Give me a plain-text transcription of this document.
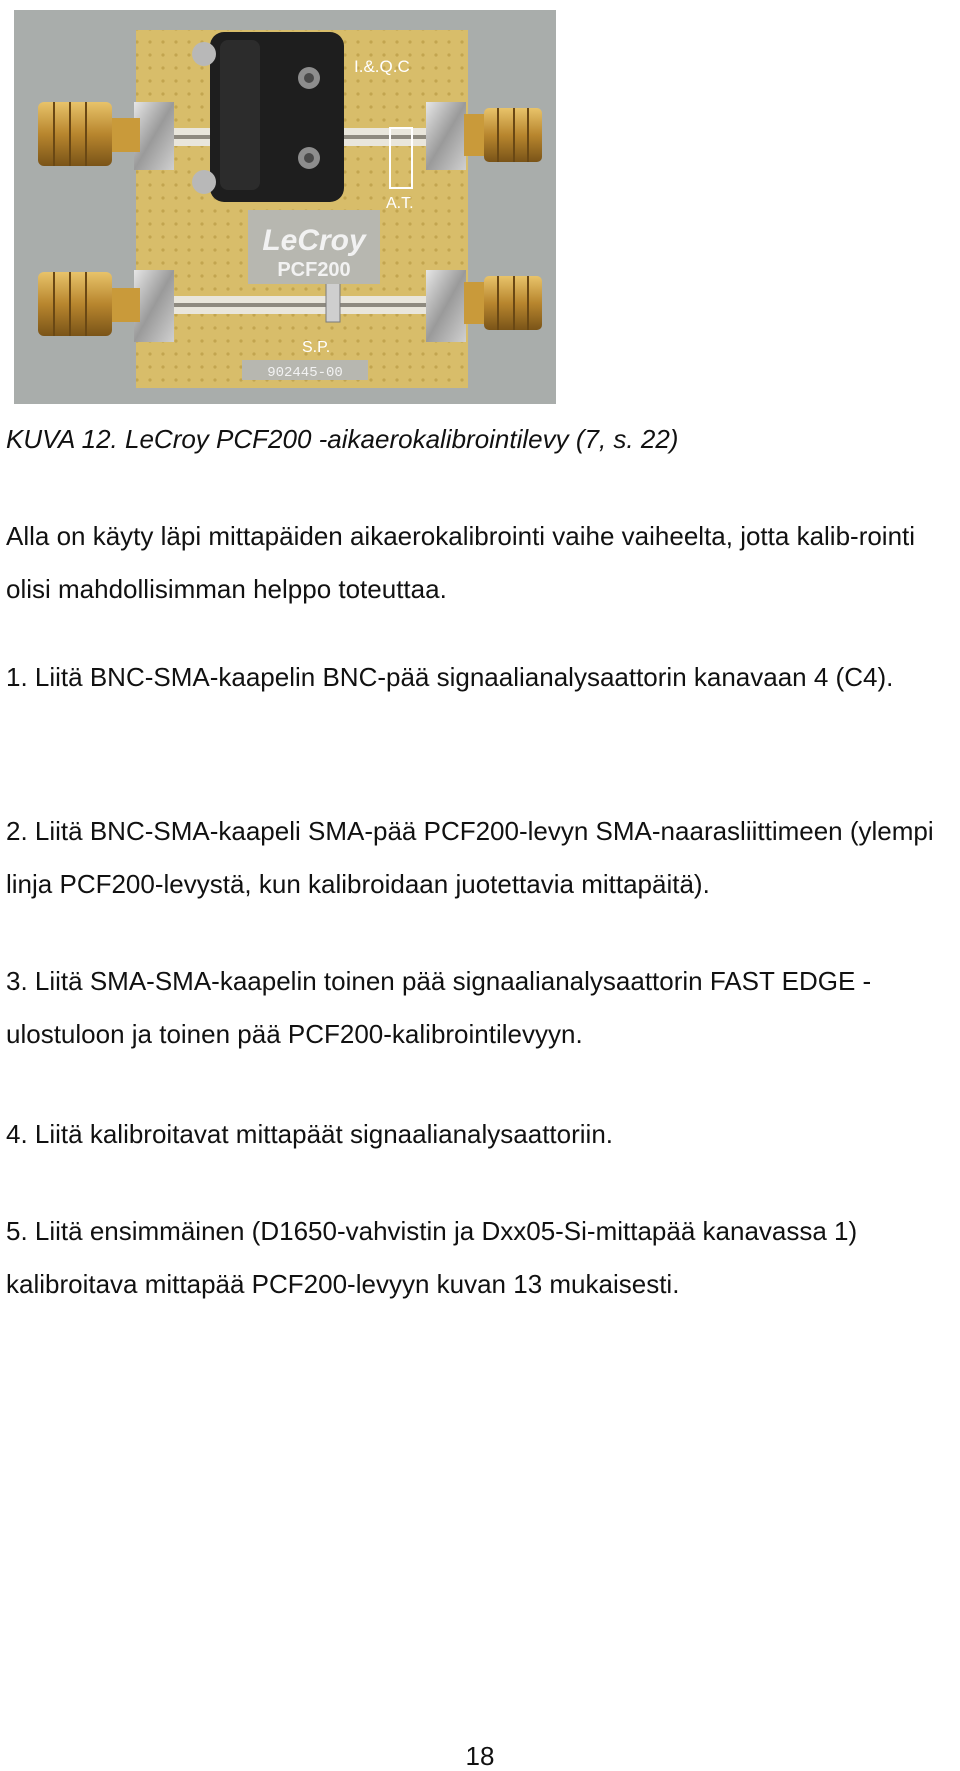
LeCroy
PCF200
I.&.Q.C
A.T.
S.P.
902445-00
KUVA 12. LeCroy PCF200 -aikaerokalibrointilevy (7, s. 22)

Alla on käyty läpi mittapäiden aikaerokalibrointi vaihe vaiheelta, jotta kalib-rointi olisi mahdollisimman helppo toteuttaa.

1. Liitä BNC-SMA-kaapelin BNC-pää signaalianalysaattorin kanavaan 4 (C4).

2. Liitä BNC-SMA-kaapeli SMA-pää PCF200-levyn SMA-naarasliittimeen (ylempi linja PCF200-levystä, kun kalibroidaan juotettavia mittapäitä).

3. Liitä SMA-SMA-kaapelin toinen pää signaalianalysaattorin FAST EDGE -ulostuloon ja toinen pää PCF200-kalibrointilevyyn.

4. Liitä kalibroitavat mittapäät signaalianalysaattoriin.

5. Liitä ensimmäinen (D1650-vahvistin ja Dxx05-Si-mittapää kanavassa 1) kalibroitava mittapää PCF200-levyyn kuvan 13 mukaisesti.

18
